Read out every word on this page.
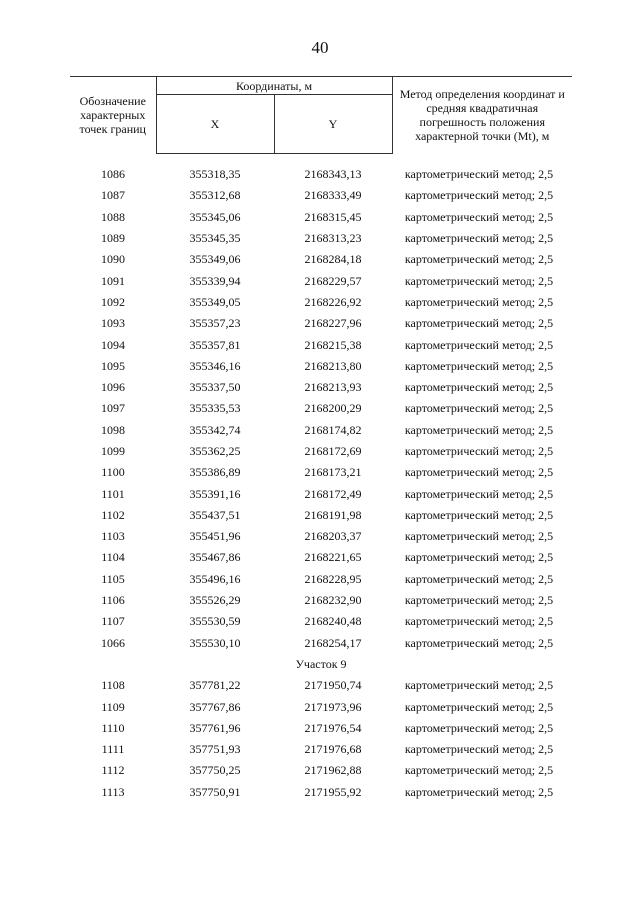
40
Обозначение характерных точек границ	Координаты, м		Метод определения координат и средняя квадратичная погрешность положения характерной точки (Mt), м
	X	Y	
1086	355318,35	2168343,13	картометрический метод; 2,5
1087	355312,68	2168333,49	картометрический метод; 2,5
1088	355345,06	2168315,45	картометрический метод; 2,5
1089	355345,35	2168313,23	картометрический метод; 2,5
1090	355349,06	2168284,18	картометрический метод; 2,5
1091	355339,94	2168229,57	картометрический метод; 2,5
1092	355349,05	2168226,92	картометрический метод; 2,5
1093	355357,23	2168227,96	картометрический метод; 2,5
1094	355357,81	2168215,38	картометрический метод; 2,5
1095	355346,16	2168213,80	картометрический метод; 2,5
1096	355337,50	2168213,93	картометрический метод; 2,5
1097	355335,53	2168200,29	картометрический метод; 2,5
1098	355342,74	2168174,82	картометрический метод; 2,5
1099	355362,25	2168172,69	картометрический метод; 2,5
1100	355386,89	2168173,21	картометрический метод; 2,5
1101	355391,16	2168172,49	картометрический метод; 2,5
1102	355437,51	2168191,98	картометрический метод; 2,5
1103	355451,96	2168203,37	картометрический метод; 2,5
1104	355467,86	2168221,65	картометрический метод; 2,5
1105	355496,16	2168228,95	картометрический метод; 2,5
1106	355526,29	2168232,90	картометрический метод; 2,5
1107	355530,59	2168240,48	картометрический метод; 2,5
1066	355530,10	2168254,17	картометрический метод; 2,5
Участок 9			
1108	357781,22	2171950,74	картометрический метод; 2,5
1109	357767,86	2171973,96	картометрический метод; 2,5
1110	357761,96	2171976,54	картометрический метод; 2,5
1111	357751,93	2171976,68	картометрический метод; 2,5
1112	357750,25	2171962,88	картометрический метод; 2,5
1113	357750,91	2171955,92	картометрический метод; 2,5
